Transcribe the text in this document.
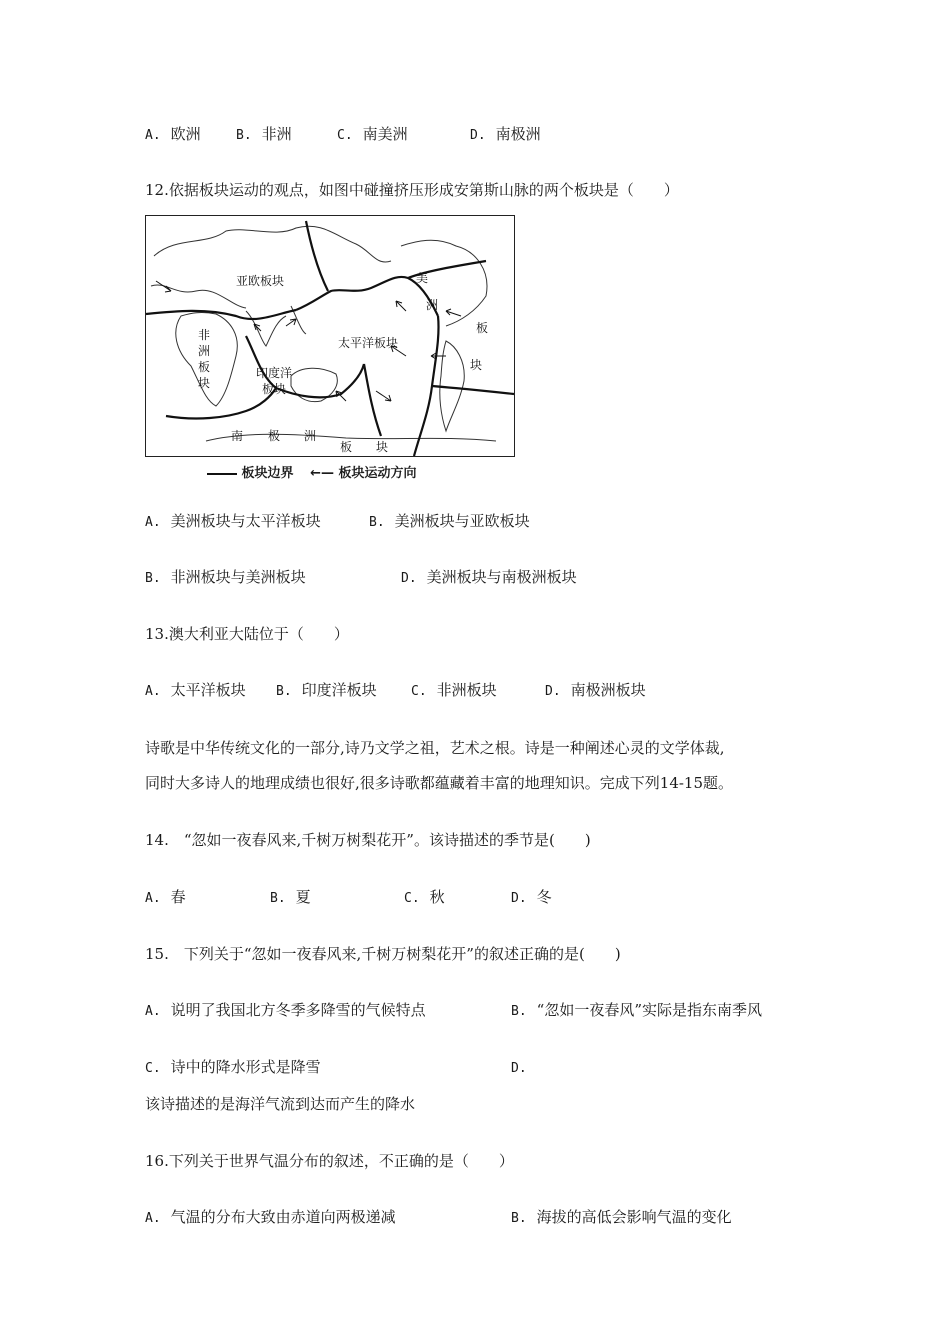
A. 欧洲	B. 非洲	C. 南美洲	D. 南极洲
12.依据板块运动的观点，如图中碰撞挤压形成安第斯山脉的两个板块是（　　）
亚欧板块
非
洲
板
块
太平洋板块
印度洋
板块
美
洲
板
块
南 极 洲
板 块
板块边界 ←— 板块运动方向
A. 美洲板块与太平洋板块	B. 美洲板块与亚欧板块
B. 非洲板块与美洲板块	D. 美洲板块与南极洲板块
13.澳大利亚大陆位于（　　）
A. 太平洋板块 B. 印度洋板块	C. 非洲板块	D. 南极洲板块
诗歌是中华传统文化的一部分,诗乃文学之祖，艺术之根。诗是一种阐述心灵的文学体裁,
同时大多诗人的地理成绩也很好,很多诗歌都蕴藏着丰富的地理知识。完成下列14-15题。
14.　“忽如一夜春风来,千树万树梨花开”。该诗描述的季节是(　　)
A. 春	B. 夏	C. 秋	D. 冬
15.　下列关于“忽如一夜春风来,千树万树梨花开”的叙述正确的是(　　)
A. 说明了我国北方冬季多降雪的气候特点	B. “忽如一夜春风”实际是指东南季风
C. 诗中的降水形式是降雪	D.
该诗描述的是海洋气流到达而产生的降水
16.下列关于世界气温分布的叙述，不正确的是（　　）
A. 气温的分布大致由赤道向两极递减	B. 海拔的高低会影响气温的变化
